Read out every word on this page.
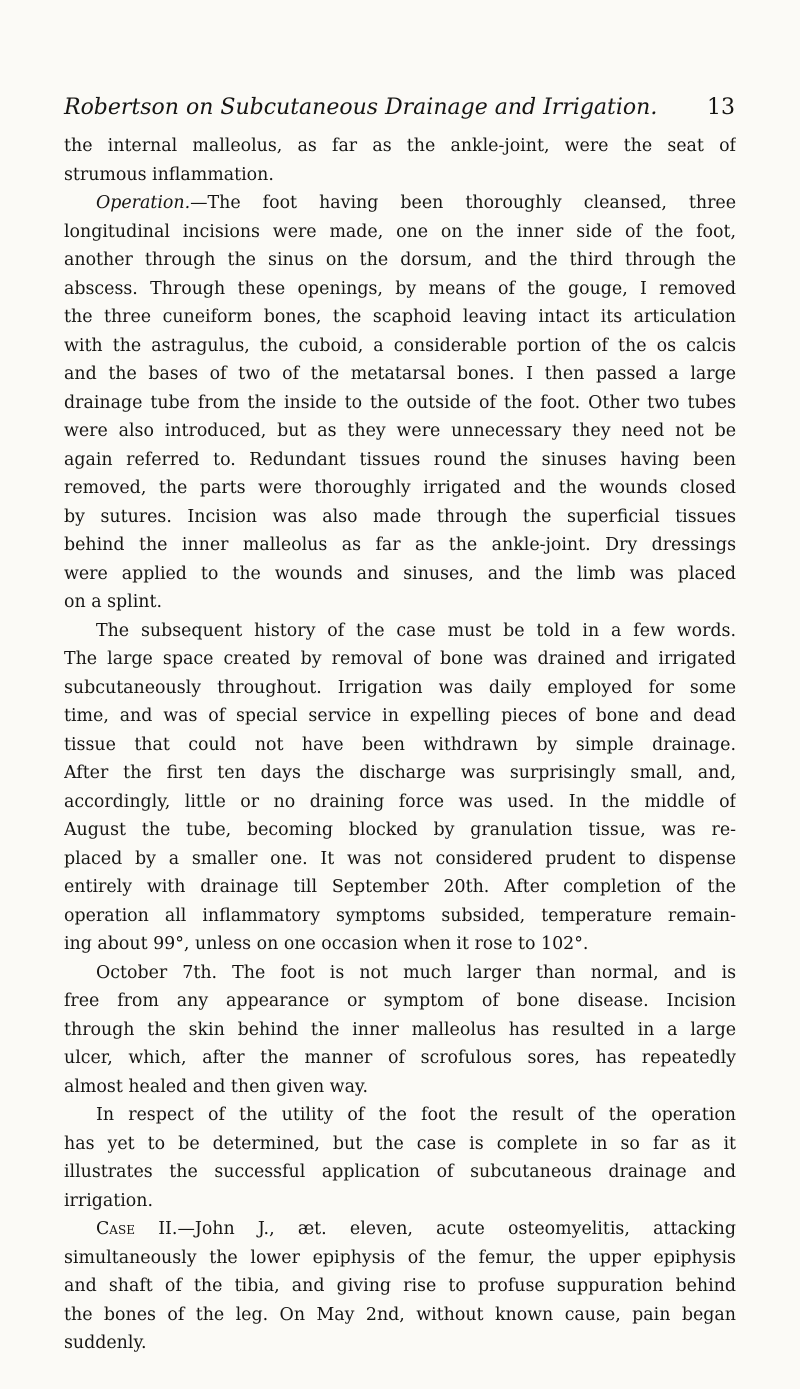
Robertson on Subcutaneous Drainage and Irrigation. 13
the internal malleolus, as far as the ankle-joint, were the seat of
strumous inflammation.
Operation.—The foot having been thoroughly cleansed, three
longitudinal incisions were made, one on the inner side of the foot,
another through the sinus on the dorsum, and the third through the
abscess. Through these openings, by means of the gouge, I removed
the three cuneiform bones, the scaphoid leaving intact its articulation
with the astragulus, the cuboid, a considerable portion of the os calcis
and the bases of two of the metatarsal bones. I then passed a large
drainage tube from the inside to the outside of the foot. Other two tubes
were also introduced, but as they were unnecessary they need not be
again referred to. Redundant tissues round the sinuses having been
removed, the parts were thoroughly irrigated and the wounds closed
by sutures. Incision was also made through the superficial tissues
behind the inner malleolus as far as the ankle-joint. Dry dressings
were applied to the wounds and sinuses, and the limb was placed
on a splint.
The subsequent history of the case must be told in a few words.
The large space created by removal of bone was drained and irrigated
subcutaneously throughout. Irrigation was daily employed for some
time, and was of special service in expelling pieces of bone and dead
tissue that could not have been withdrawn by simple drainage.
After the first ten days the discharge was surprisingly small, and,
accordingly, little or no draining force was used. In the middle of
August the tube, becoming blocked by granulation tissue, was re-
placed by a smaller one. It was not considered prudent to dispense
entirely with drainage till September 20th. After completion of the
operation all inflammatory symptoms subsided, temperature remain-
ing about 99°, unless on one occasion when it rose to 102°.
October 7th. The foot is not much larger than normal, and is
free from any appearance or symptom of bone disease. Incision
through the skin behind the inner malleolus has resulted in a large
ulcer, which, after the manner of scrofulous sores, has repeatedly
almost healed and then given way.
In respect of the utility of the foot the result of the operation
has yet to be determined, but the case is complete in so far as it
illustrates the successful application of subcutaneous drainage and
irrigation.
Case II.—John J., æt. eleven, acute osteomyelitis, attacking
simultaneously the lower epiphysis of the femur, the upper epiphysis
and shaft of the tibia, and giving rise to profuse suppuration behind
the bones of the leg. On May 2nd, without known cause, pain began
suddenly.
